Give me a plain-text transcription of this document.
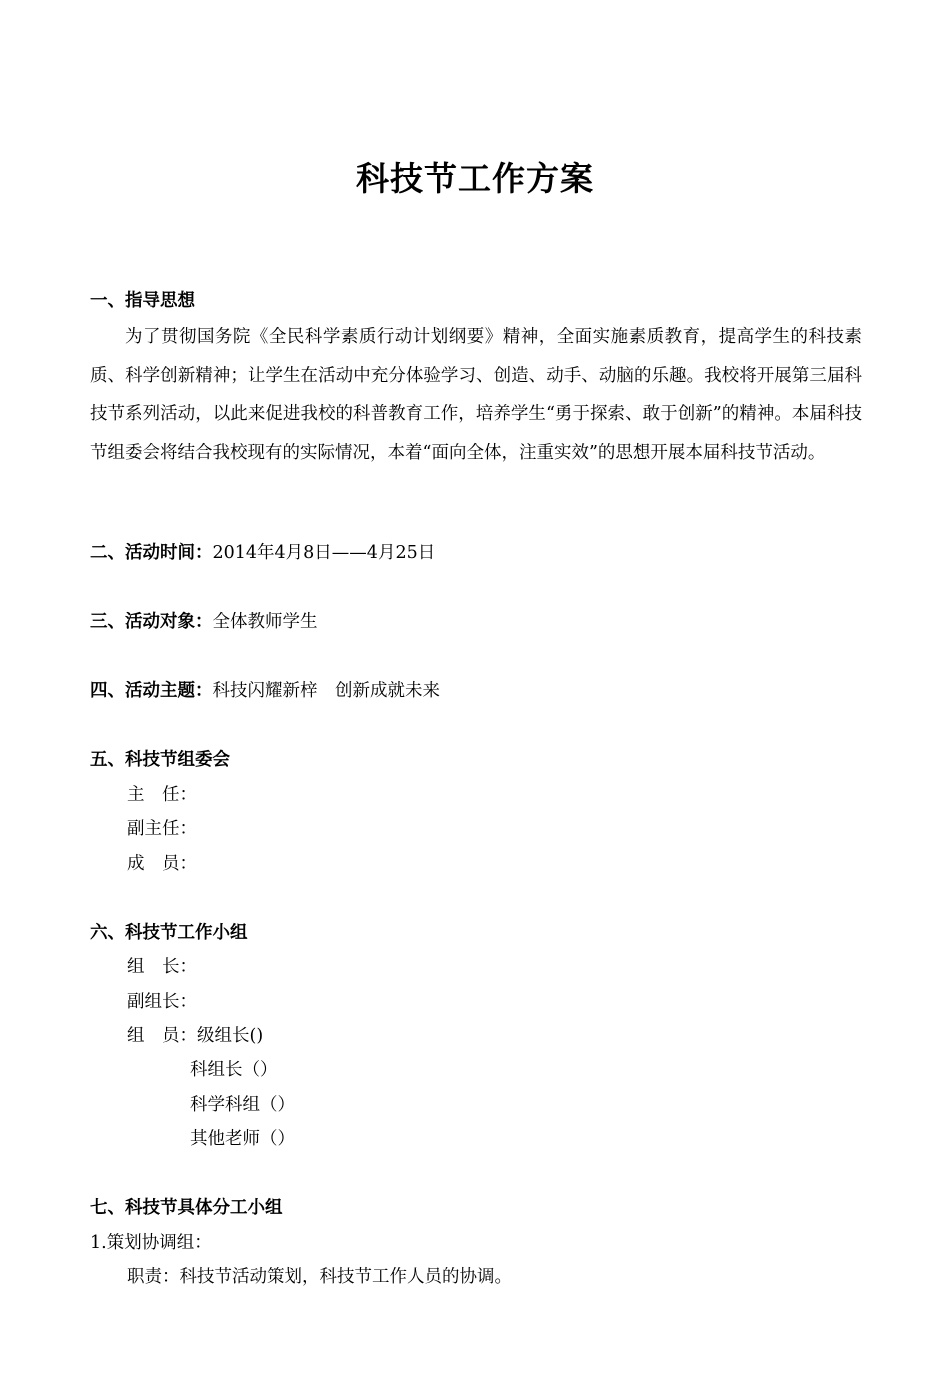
科技节工作方案
一、指导思想
为了贯彻国务院《全民科学素质行动计划纲要》精神，全面实施素质教育，提高学生的科技素质、科学创新精神；让学生在活动中充分体验学习、创造、动手、动脑的乐趣。我校将开展第三届科技节系列活动，以此来促进我校的科普教育工作，培养学生“勇于探索、敢于创新”的精神。本届科技节组委会将结合我校现有的实际情况，本着“面向全体，注重实效”的思想开展本届科技节活动。
二、活动时间：2014年4月8日——4月25日
三、活动对象：全体教师学生
四、活动主题：科技闪耀新梓　创新成就未来
五、科技节组委会
主　任：
副主任：
成　员：
六、科技节工作小组
组　长：
副组长：
组　员：级组长()
科组长（）
科学科组（）
其他老师（）
七、科技节具体分工小组
1.策划协调组：
职责：科技节活动策划，科技节工作人员的协调。
